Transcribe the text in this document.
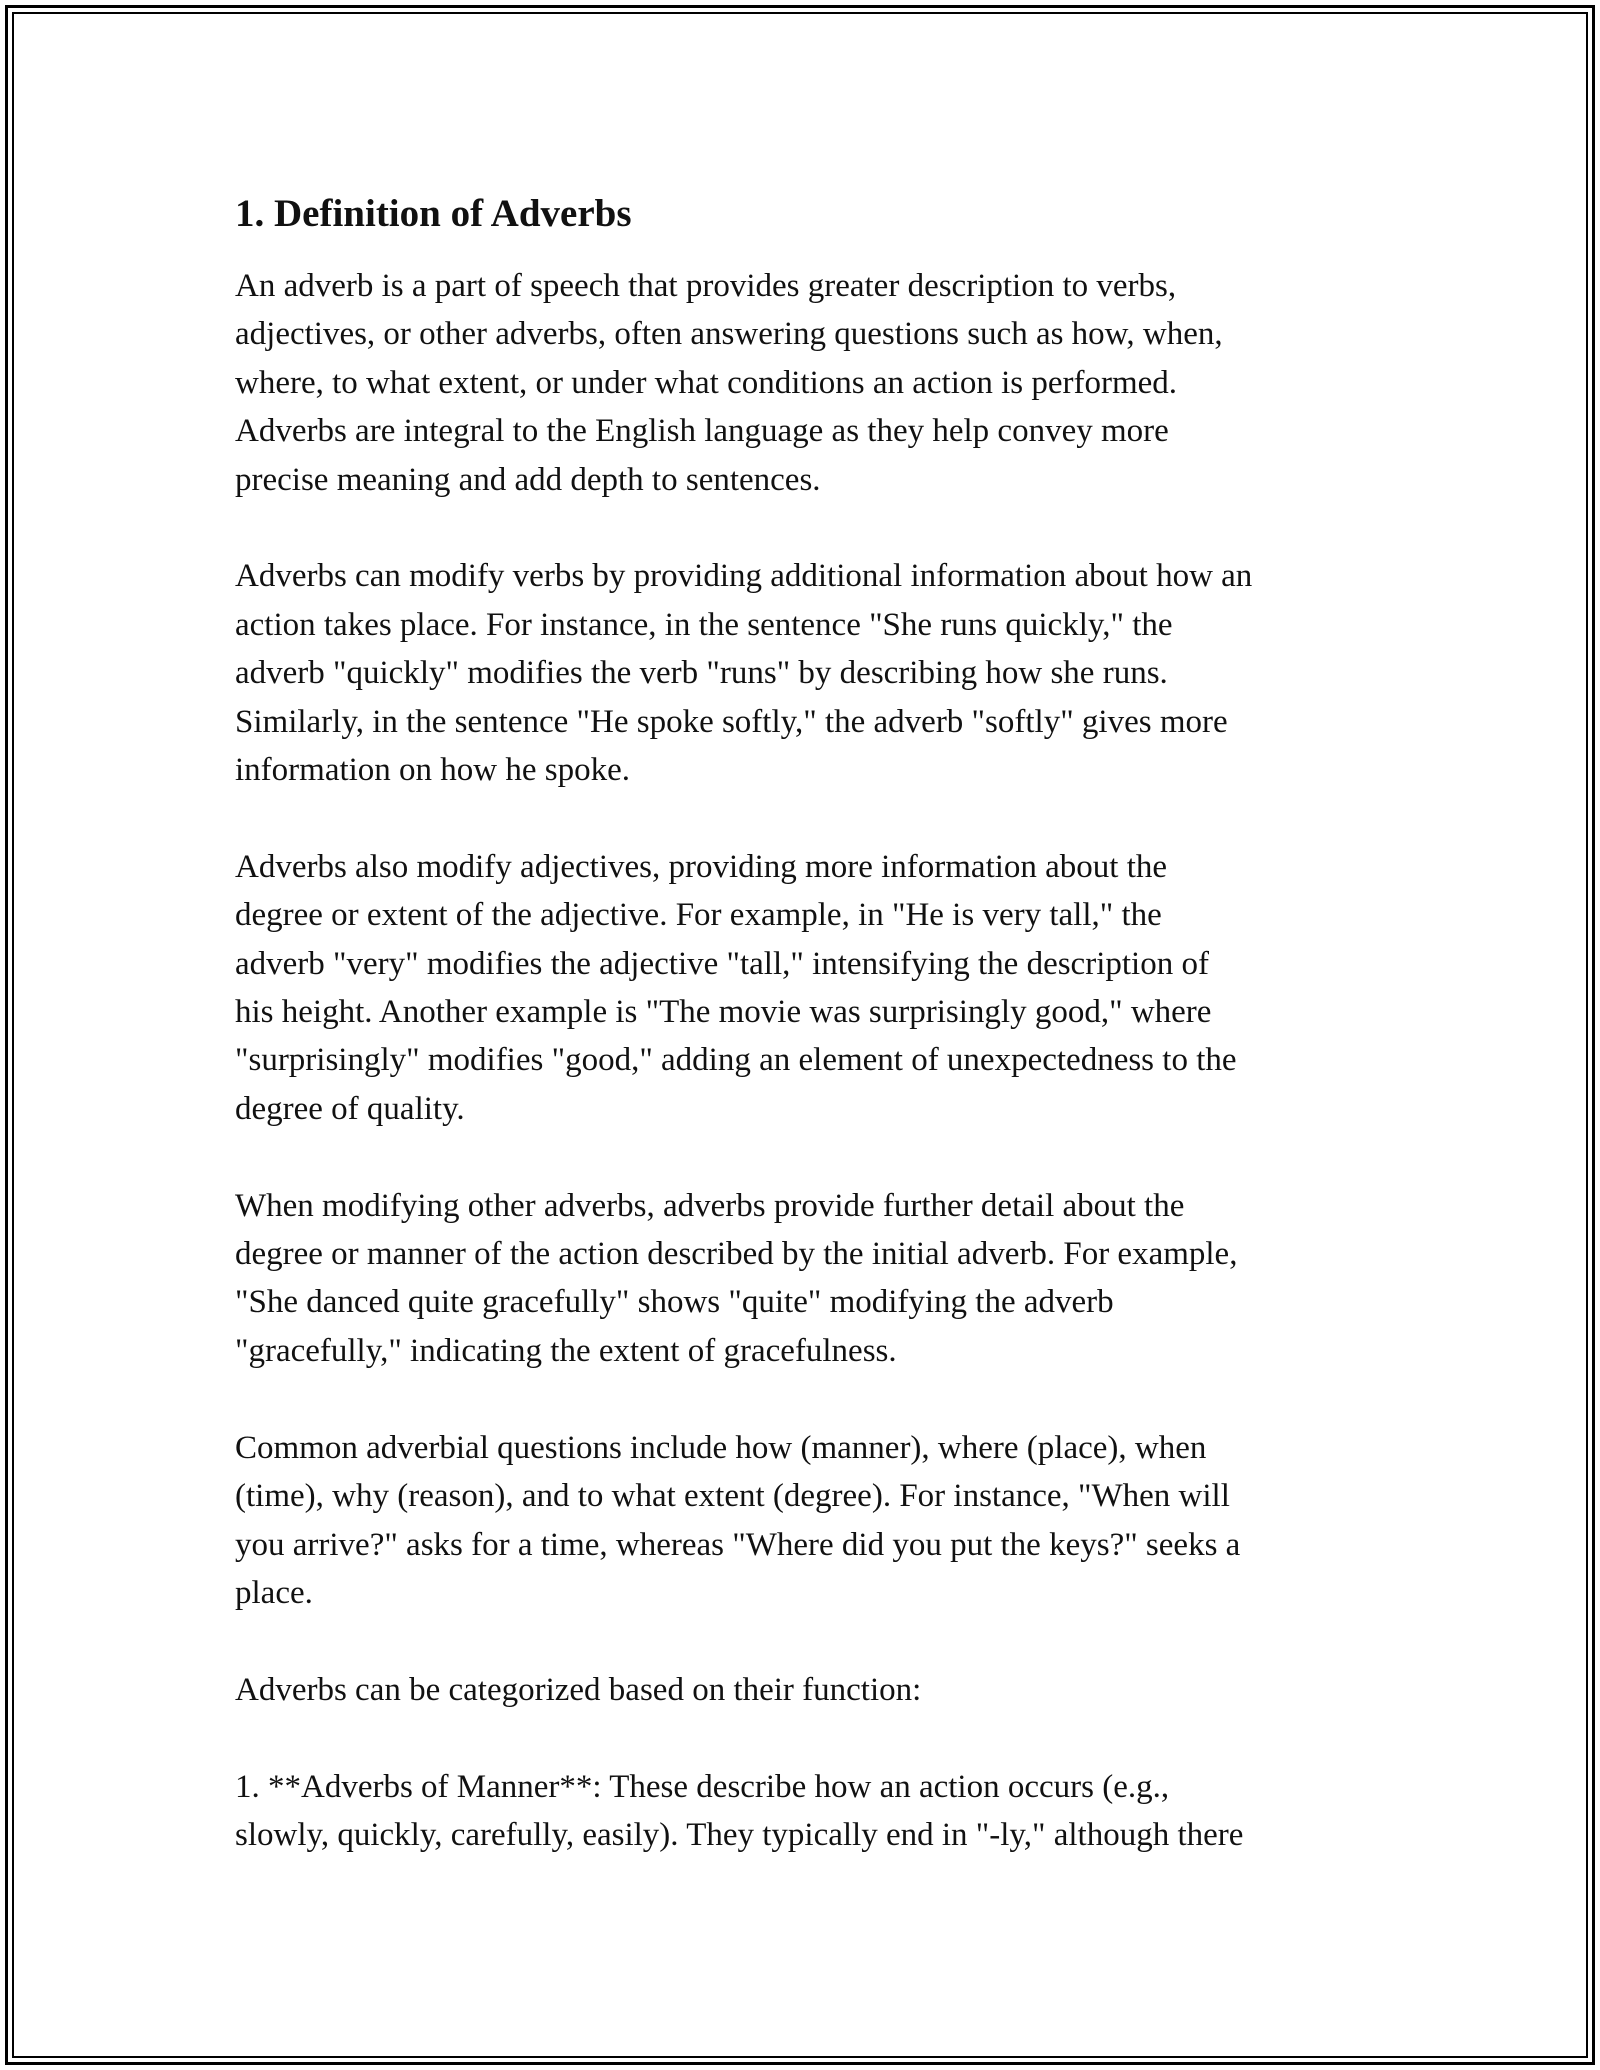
1. Definition of Adverbs

An adverb is a part of speech that provides greater description to verbs,
adjectives, or other adverbs, often answering questions such as how, when,
where, to what extent, or under what conditions an action is performed.
Adverbs are integral to the English language as they help convey more
precise meaning and add depth to sentences.

Adverbs can modify verbs by providing additional information about how an
action takes place. For instance, in the sentence "She runs quickly," the
adverb "quickly" modifies the verb "runs" by describing how she runs.
Similarly, in the sentence "He spoke softly," the adverb "softly" gives more
information on how he spoke.

Adverbs also modify adjectives, providing more information about the
degree or extent of the adjective. For example, in "He is very tall," the
adverb "very" modifies the adjective "tall," intensifying the description of
his height. Another example is "The movie was surprisingly good," where
"surprisingly" modifies "good," adding an element of unexpectedness to the
degree of quality.

When modifying other adverbs, adverbs provide further detail about the
degree or manner of the action described by the initial adverb. For example,
"She danced quite gracefully" shows "quite" modifying the adverb
"gracefully," indicating the extent of gracefulness.

Common adverbial questions include how (manner), where (place), when
(time), why (reason), and to what extent (degree). For instance, "When will
you arrive?" asks for a time, whereas "Where did you put the keys?" seeks a
place.

Adverbs can be categorized based on their function:

1. **Adverbs of Manner**: These describe how an action occurs (e.g.,
slowly, quickly, carefully, easily). They typically end in "-ly," although there
